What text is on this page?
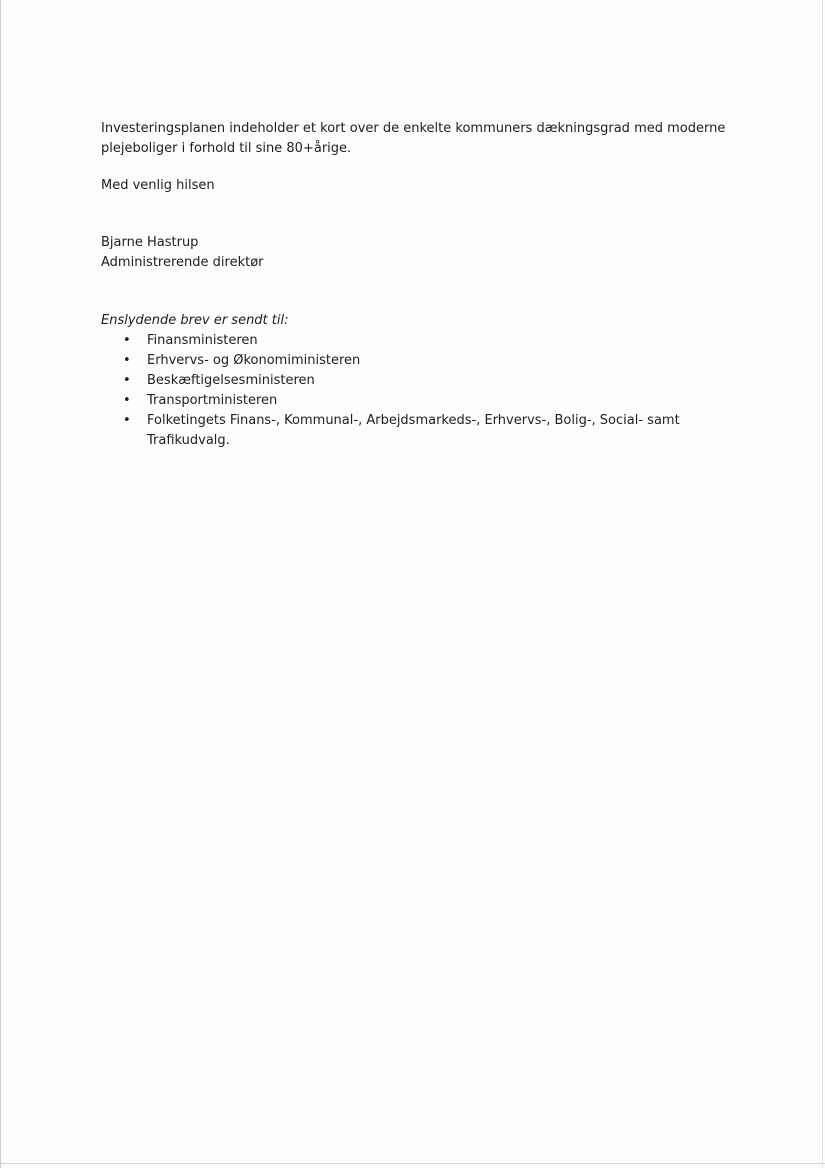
Investeringsplanen indeholder et kort over de enkelte kommuners dækningsgrad med moderne plejeboliger i forhold til sine 80+årige.

Med venlig hilsen

Bjarne Hastrup
Administrerende direktør
Enslydende brev er sendt til:
• Finansministeren
• Erhvervs- og Økonomiministeren
• Beskæftigelsesministeren
• Transportministeren
• Folketingets Finans-, Kommunal-, Arbejdsmarkeds-, Erhvervs-, Bolig-, Social- samt Trafikudvalg.
